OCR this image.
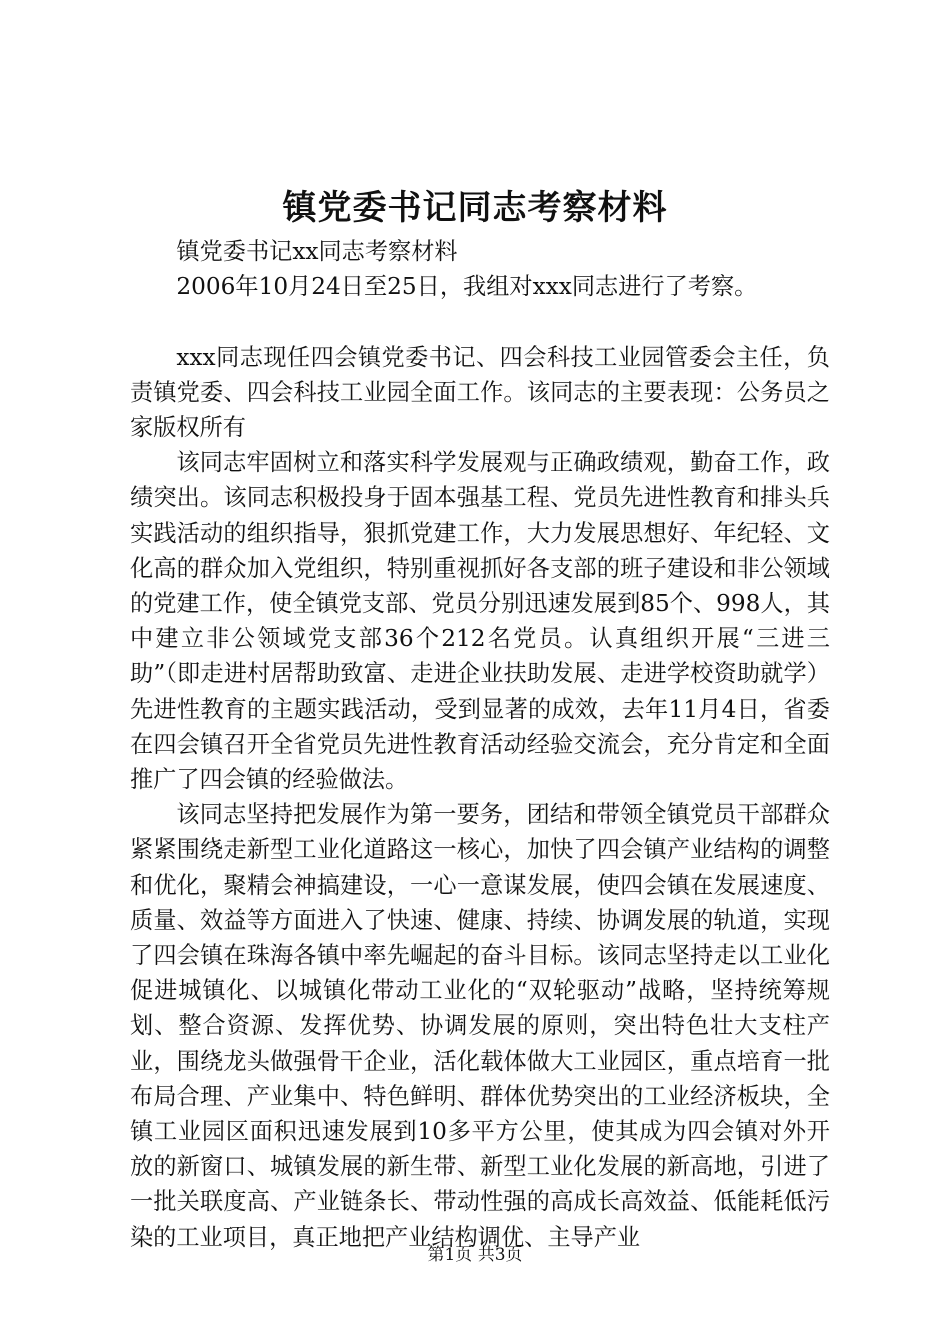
镇党委书记同志考察材料

镇党委书记xx同志考察材料

2006年10月24日至25日，我组对xxx同志进行了考察。

xxx同志现任四会镇党委书记、四会科技工业园管委会主任，负责镇党委、四会科技工业园全面工作。该同志的主要表现：公务员之家版权所有

该同志牢固树立和落实科学发展观与正确政绩观，勤奋工作，政绩突出。该同志积极投身于固本强基工程、党员先进性教育和排头兵实践活动的组织指导，狠抓党建工作，大力发展思想好、年纪轻、文化高的群众加入党组织，特别重视抓好各支部的班子建设和非公领域的党建工作，使全镇党支部、党员分别迅速发展到85个、998人，其中建立非公领域党支部36个212名党员。认真组织开展“三进三助”（即走进村居帮助致富、走进企业扶助发展、走进学校资助就学）先进性教育的主题实践活动，受到显著的成效，去年11月4日，省委在四会镇召开全省党员先进性教育活动经验交流会，充分肯定和全面推广了四会镇的经验做法。

该同志坚持把发展作为第一要务，团结和带领全镇党员干部群众紧紧围绕走新型工业化道路这一核心，加快了四会镇产业结构的调整和优化，聚精会神搞建设，一心一意谋发展，使四会镇在发展速度、质量、效益等方面进入了快速、健康、持续、协调发展的轨道，实现了四会镇在珠海各镇中率先崛起的奋斗目标。该同志坚持走以工业化促进城镇化、以城镇化带动工业化的“双轮驱动”战略，坚持统筹规划、整合资源、发挥优势、协调发展的原则，突出特色壮大支柱产业，围绕龙头做强骨干企业，活化载体做大工业园区，重点培育一批布局合理、产业集中、特色鲜明、群体优势突出的工业经济板块，全镇工业园区面积迅速发展到10多平方公里，使其成为四会镇对外开放的新窗口、城镇发展的新生带、新型工业化发展的新高地，引进了一批关联度高、产业链条长、带动性强的高成长高效益、低能耗低污染的工业项目，真正地把产业结构调优、主导产业

第1页 共3页
